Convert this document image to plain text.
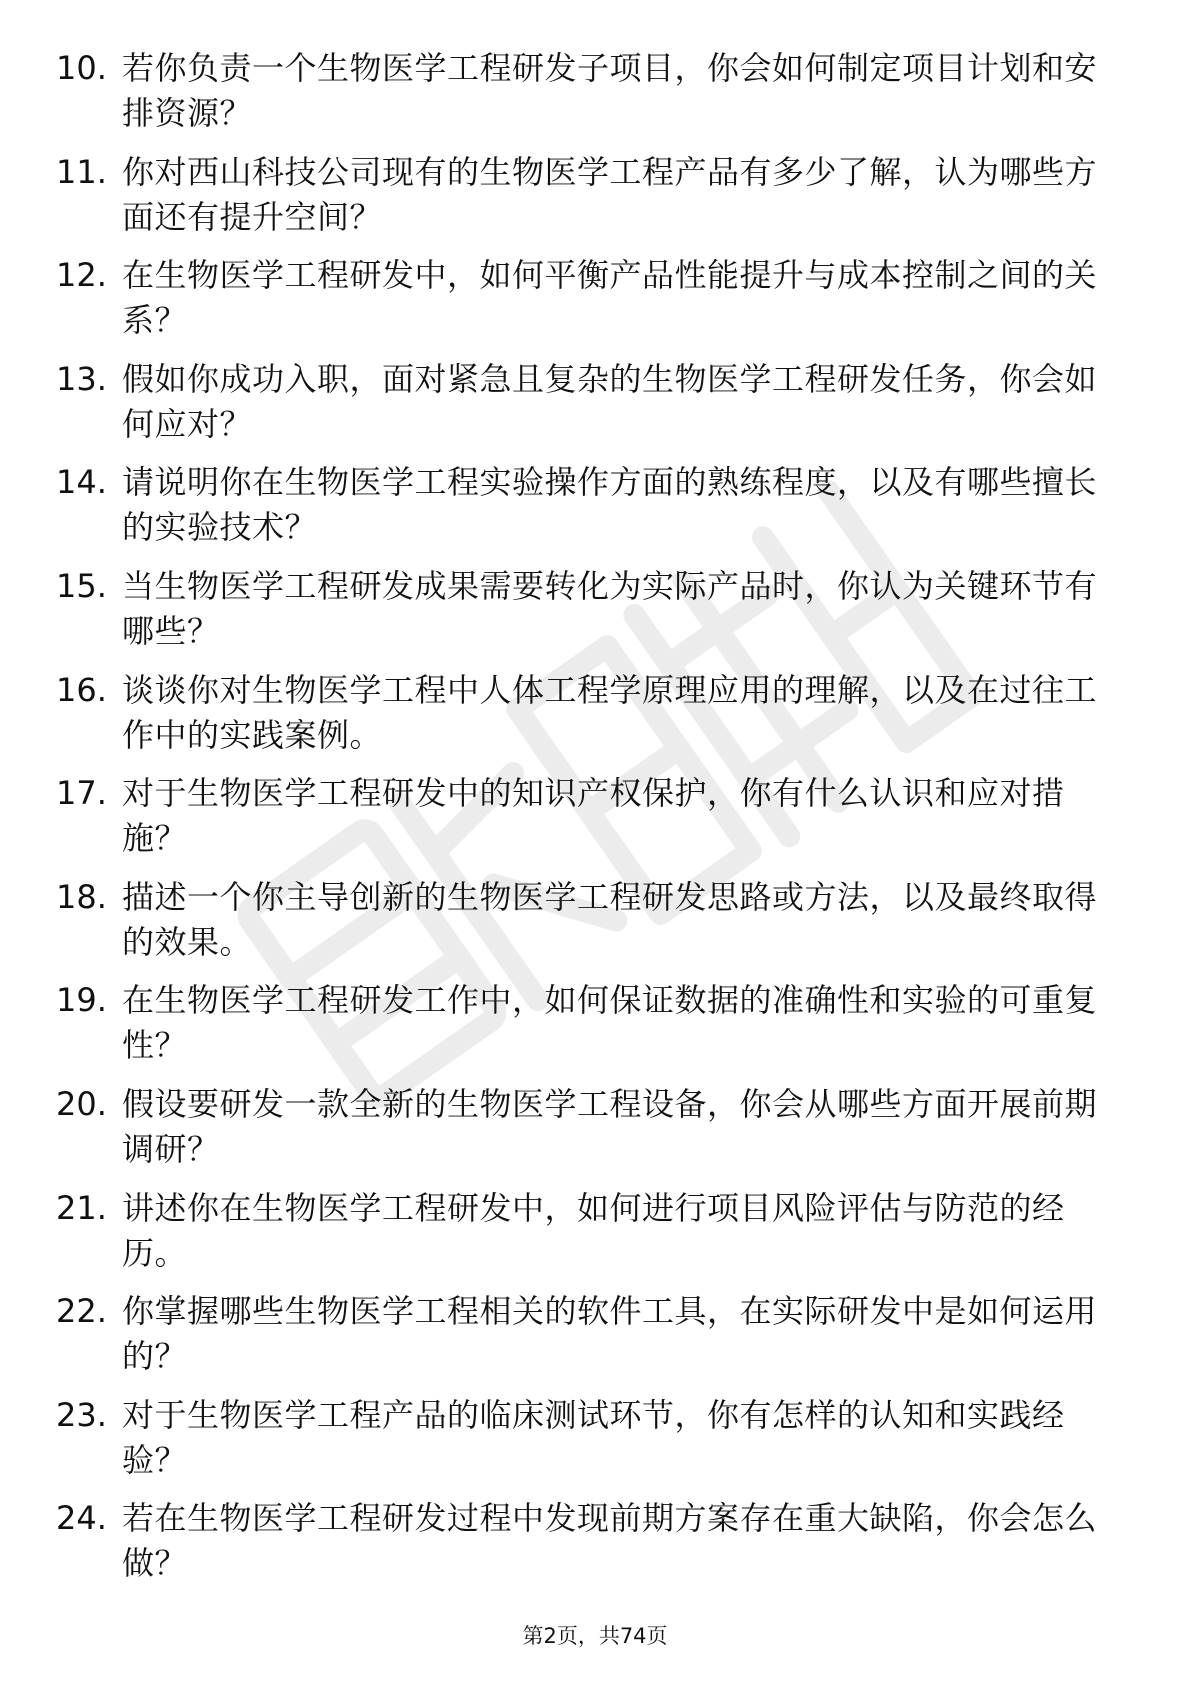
10. 若你负责一个生物医学工程研发子项目，你会如何制定项目计划和安排资源？
11. 你对西山科技公司现有的生物医学工程产品有多少了解，认为哪些方面还有提升空间？
12. 在生物医学工程研发中，如何平衡产品性能提升与成本控制之间的关系？
13. 假如你成功入职，面对紧急且复杂的生物医学工程研发任务，你会如何应对？
14. 请说明你在生物医学工程实验操作方面的熟练程度，以及有哪些擅长的实验技术？
15. 当生物医学工程研发成果需要转化为实际产品时，你认为关键环节有哪些？
16. 谈谈你对生物医学工程中人体工程学原理应用的理解，以及在过往工作中的实践案例。
17. 对于生物医学工程研发中的知识产权保护，你有什么认识和应对措施？
18. 描述一个你主导创新的生物医学工程研发思路或方法，以及最终取得的效果。
19. 在生物医学工程研发工作中，如何保证数据的准确性和实验的可重复性？
20. 假设要研发一款全新的生物医学工程设备，你会从哪些方面开展前期调研？
21. 讲述你在生物医学工程研发中，如何进行项目风险评估与防范的经历。
22. 你掌握哪些生物医学工程相关的软件工具，在实际研发中是如何运用的？
23. 对于生物医学工程产品的临床测试环节，你有怎样的认知和实践经验？
24. 若在生物医学工程研发过程中发现前期方案存在重大缺陷，你会怎么做？
第2页，共74页
